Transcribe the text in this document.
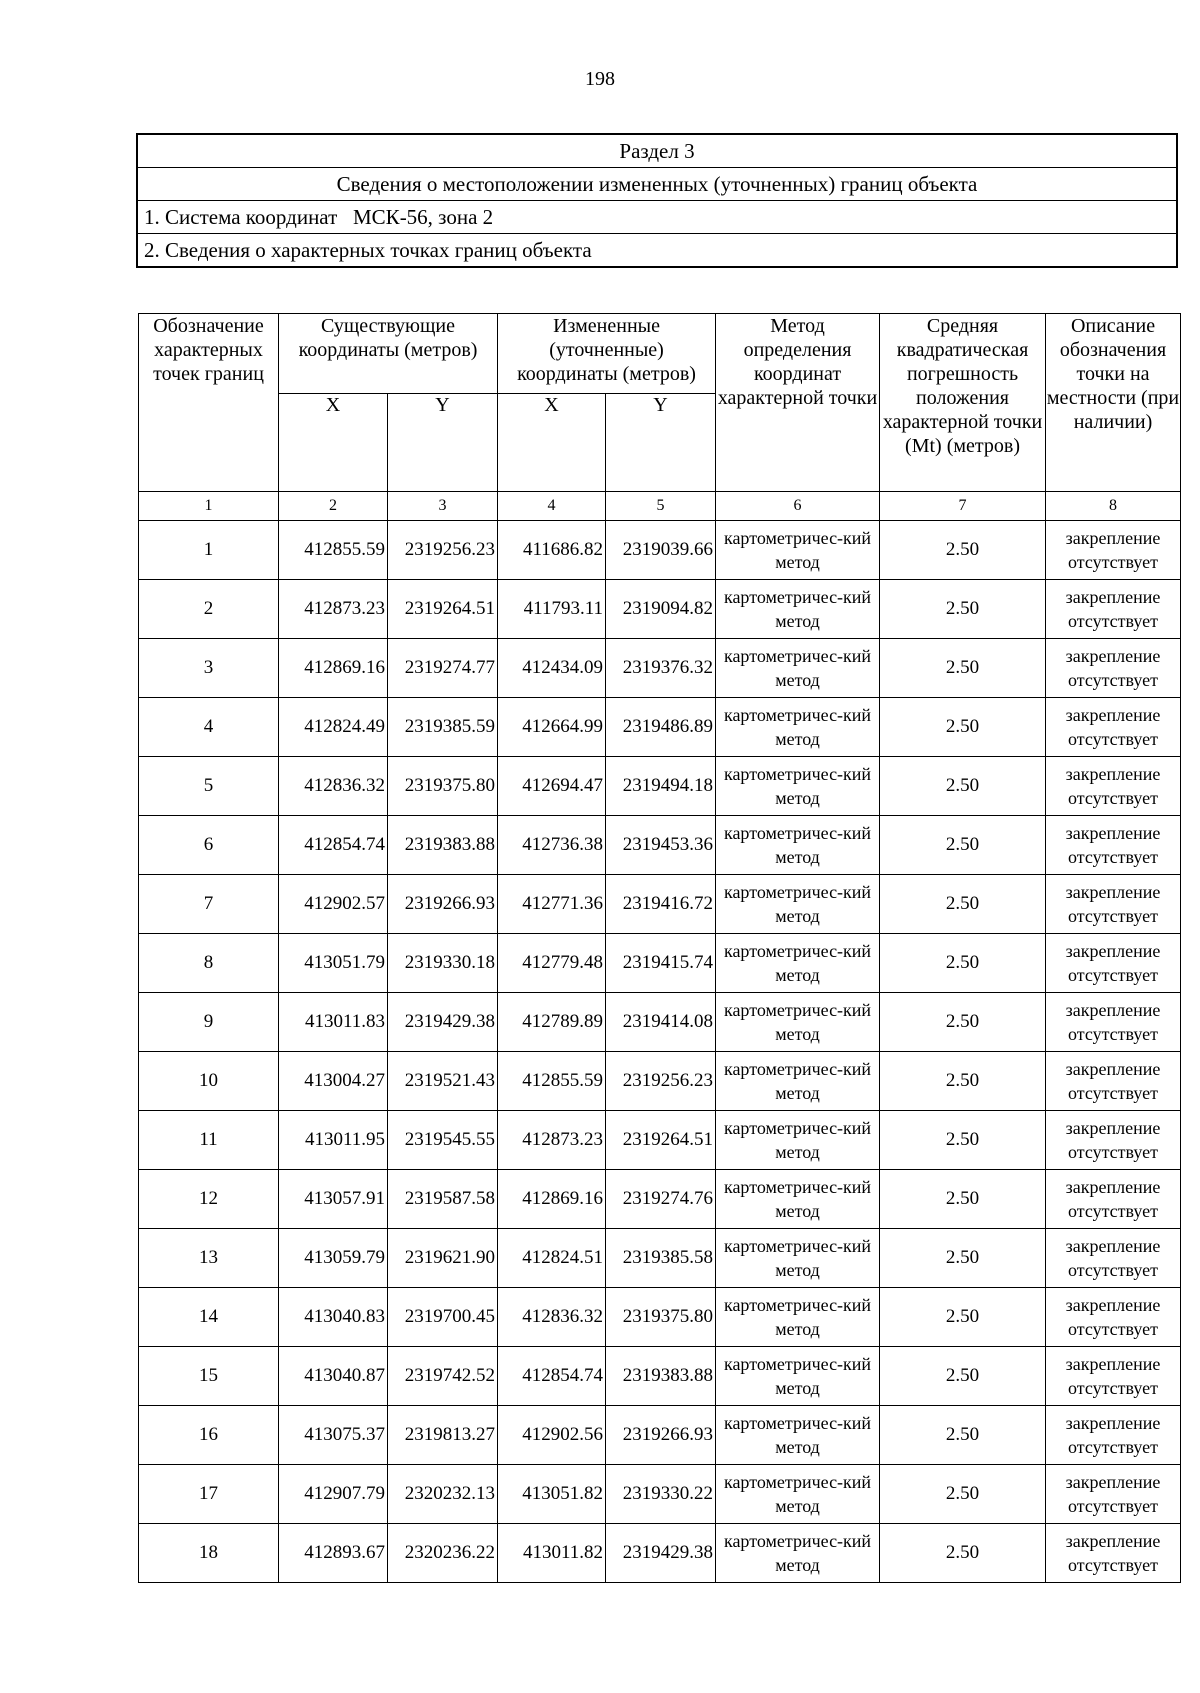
198
Раздел 3
Сведения о местоположении измененных (уточненных) границ объекта
1. Система координат   МСК-56, зона 2
2. Сведения о характерных точках границ объекта
Обозначение характерных точек границ	Существующие координаты (метров)		Измененные (уточненные) координаты (метров)		Метод определения координат характерной точки	Средняя квадратическая погрешность положения характерной точки (Mt) (метров)	Описание обозначения точки на местности (при наличии)
	X	Y	X	Y			
1	2	3	4	5	6	7	8
1	412855.59	2319256.23	411686.82	2319039.66	картометричес-кий метод	2.50	закрепление отсутствует
2	412873.23	2319264.51	411793.11	2319094.82	картометричес-кий метод	2.50	закрепление отсутствует
3	412869.16	2319274.77	412434.09	2319376.32	картометричес-кий метод	2.50	закрепление отсутствует
4	412824.49	2319385.59	412664.99	2319486.89	картометричес-кий метод	2.50	закрепление отсутствует
5	412836.32	2319375.80	412694.47	2319494.18	картометричес-кий метод	2.50	закрепление отсутствует
6	412854.74	2319383.88	412736.38	2319453.36	картометричес-кий метод	2.50	закрепление отсутствует
7	412902.57	2319266.93	412771.36	2319416.72	картометричес-кий метод	2.50	закрепление отсутствует
8	413051.79	2319330.18	412779.48	2319415.74	картометричес-кий метод	2.50	закрепление отсутствует
9	413011.83	2319429.38	412789.89	2319414.08	картометричес-кий метод	2.50	закрепление отсутствует
10	413004.27	2319521.43	412855.59	2319256.23	картометричес-кий метод	2.50	закрепление отсутствует
11	413011.95	2319545.55	412873.23	2319264.51	картометричес-кий метод	2.50	закрепление отсутствует
12	413057.91	2319587.58	412869.16	2319274.76	картометричес-кий метод	2.50	закрепление отсутствует
13	413059.79	2319621.90	412824.51	2319385.58	картометричес-кий метод	2.50	закрепление отсутствует
14	413040.83	2319700.45	412836.32	2319375.80	картометричес-кий метод	2.50	закрепление отсутствует
15	413040.87	2319742.52	412854.74	2319383.88	картометричес-кий метод	2.50	закрепление отсутствует
16	413075.37	2319813.27	412902.56	2319266.93	картометричес-кий метод	2.50	закрепление отсутствует
17	412907.79	2320232.13	413051.82	2319330.22	картометричес-кий метод	2.50	закрепление отсутствует
18	412893.67	2320236.22	413011.82	2319429.38	картометричес-кий метод	2.50	закрепление отсутствует
